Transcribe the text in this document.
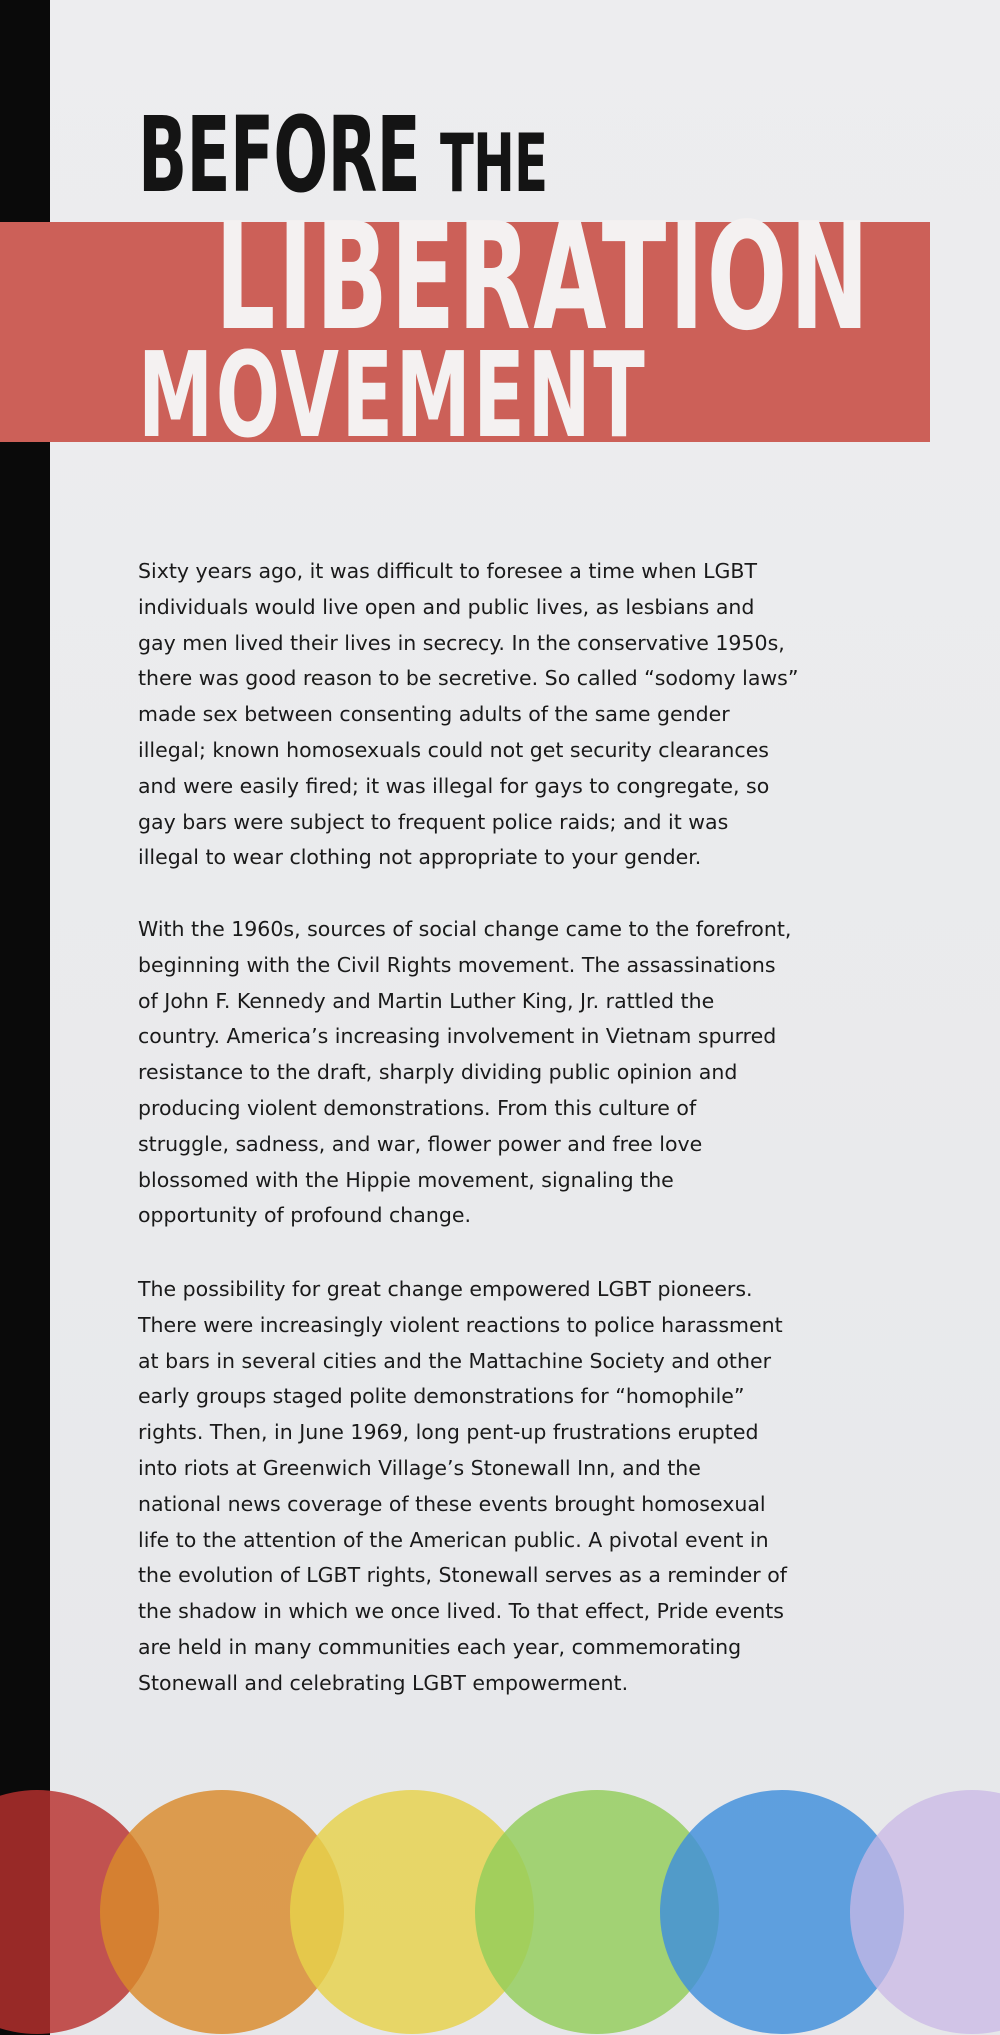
BEFORE THE
LIBERATION
MOVEMENT

Sixty years ago, it was difficult to foresee a time when LGBT
individuals would live open and public lives, as lesbians and
gay men lived their lives in secrecy. In the conservative 1950s,
there was good reason to be secretive. So called “sodomy laws”
made sex between consenting adults of the same gender
illegal; known homosexuals could not get security clearances
and were easily fired; it was illegal for gays to congregate, so
gay bars were subject to frequent police raids; and it was
illegal to wear clothing not appropriate to your gender.

With the 1960s, sources of social change came to the forefront,
beginning with the Civil Rights movement. The assassinations
of John F. Kennedy and Martin Luther King, Jr. rattled the
country. America’s increasing involvement in Vietnam spurred
resistance to the draft, sharply dividing public opinion and
producing violent demonstrations. From this culture of
struggle, sadness, and war, flower power and free love
blossomed with the Hippie movement, signaling the
opportunity of profound change.

The possibility for great change empowered LGBT pioneers.
There were increasingly violent reactions to police harassment
at bars in several cities and the Mattachine Society and other
early groups staged polite demonstrations for “homophile”
rights. Then, in June 1969, long pent-up frustrations erupted
into riots at Greenwich Village’s Stonewall Inn, and the
national news coverage of these events brought homosexual
life to the attention of the American public. A pivotal event in
the evolution of LGBT rights, Stonewall serves as a reminder of
the shadow in which we once lived. To that effect, Pride events
are held in many communities each year, commemorating
Stonewall and celebrating LGBT empowerment.
